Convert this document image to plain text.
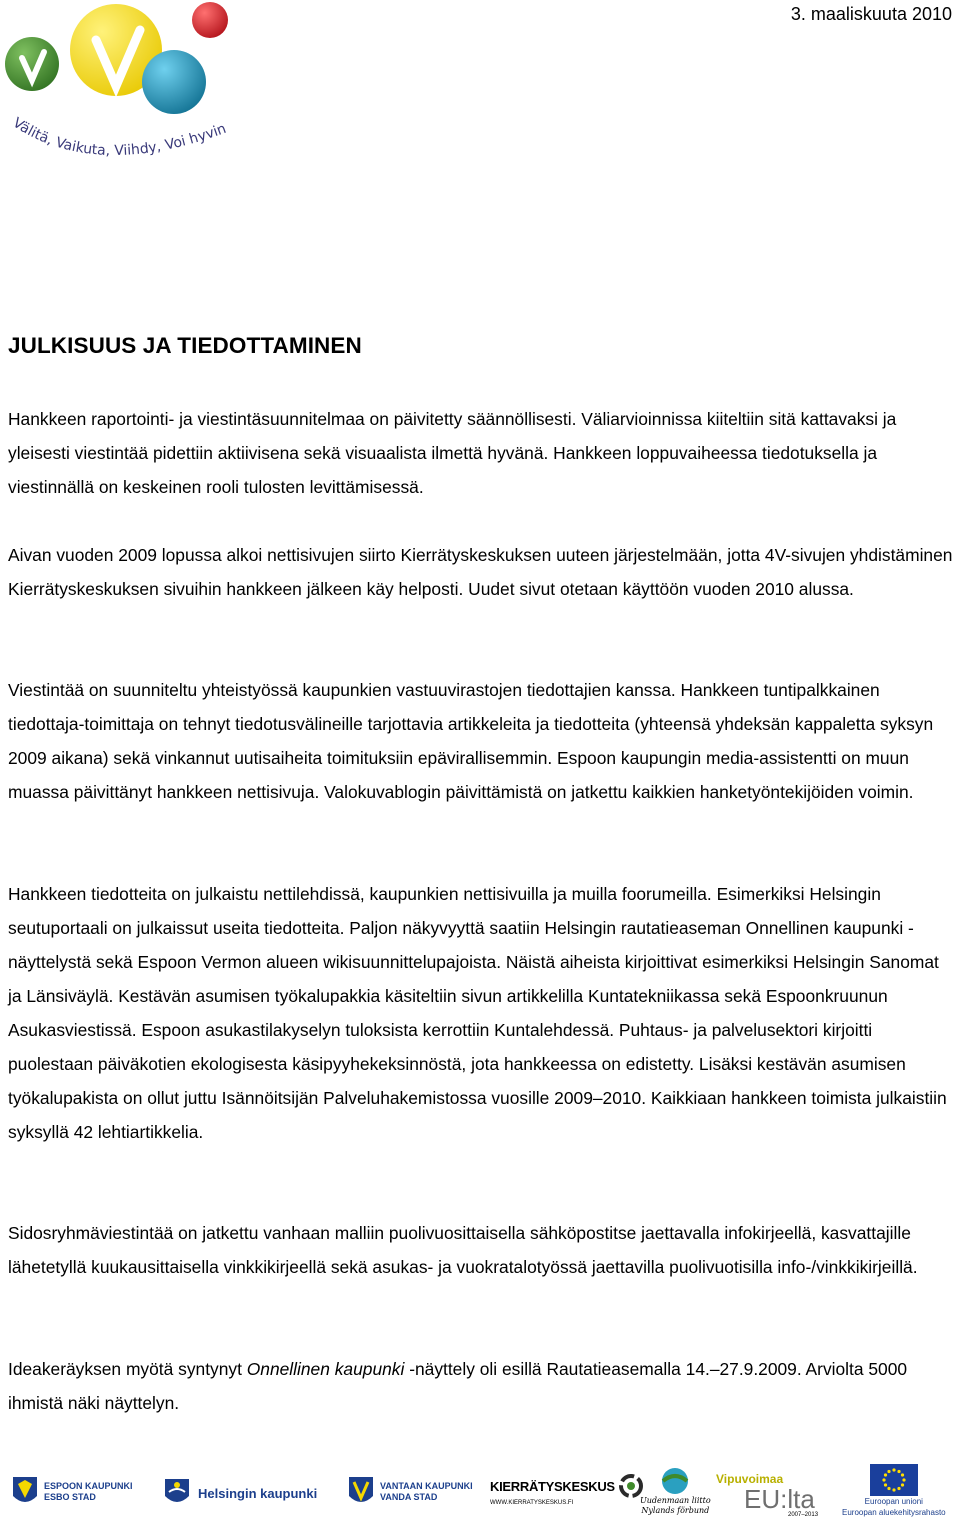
3. maaliskuuta 2010
Välitä, Vaikuta, Viihdy, Voi hyvin
JULKISUUS JA TIEDOTTAMINEN

Hankkeen raportointi- ja viestintäsuunnitelmaa on päivitetty säännöllisesti. Väliarvioinnissa kiiteltiin sitä kattavaksi ja yleisesti viestintää pidettiin aktiivisena sekä visuaalista ilmettä hyvänä. Hankkeen loppuvaiheessa tiedotuksella ja viestinnällä on keskeinen rooli tulosten levittämisessä.

Aivan vuoden 2009 lopussa alkoi nettisivujen siirto Kierrätyskeskuksen uuteen järjestelmään, jotta 4V-sivujen yhdistäminen Kierrätyskeskuksen sivuihin hankkeen jälkeen käy helposti. Uudet sivut otetaan käyttöön vuoden 2010 alussa.

Viestintää on suunniteltu yhteistyössä kaupunkien vastuuvirastojen tiedottajien kanssa. Hankkeen tuntipalkkainen tiedottaja-toimittaja on tehnyt tiedotusvälineille tarjottavia artikkeleita ja tiedotteita (yhteensä yhdeksän kappaletta syksyn 2009 aikana) sekä vinkannut uutisaiheita toimituksiin epävirallisemmin. Espoon kaupungin media-assistentti on muun muassa päivittänyt hankkeen nettisivuja. Valokuvablogin päivittämistä on jatkettu kaikkien hanketyöntekijöiden voimin.

Hankkeen tiedotteita on julkaistu nettilehdissä, kaupunkien nettisivuilla ja muilla foorumeilla. Esimerkiksi Helsingin seutuportaali on julkaissut useita tiedotteita. Paljon näkyvyyttä saatiin Helsingin rautatieaseman Onnellinen kaupunki -näyttelystä sekä Espoon Vermon alueen wikisuunnittelupajoista. Näistä aiheista kirjoittivat esimerkiksi Helsingin Sanomat ja Länsiväylä. Kestävän asumisen työkalupakkia käsiteltiin sivun artikkelilla Kuntatekniikassa sekä Espoonkruunun Asukasviestissä. Espoon asukastilakyselyn tuloksista kerrottiin Kuntalehdessä. Puhtaus- ja palvelusektori kirjoitti puolestaan päiväkotien ekologisesta käsipyyhekeksinnöstä, jota hankkeessa on edistetty. Lisäksi kestävän asumisen työkalupakista on ollut juttu Isännöitsijän Palveluhakemistossa vuosille 2009–2010. Kaikkiaan hankkeen toimista julkaistiin syksyllä 42 lehtiartikkelia.

Sidosryhmäviestintää on jatkettu vanhaan malliin puolivuosittaisella sähköpostitse jaettavalla infokirjeellä, kasvattajille lähetetyllä kuukausittaisella vinkkikirjeellä sekä asukas- ja vuokratalotyössä jaettavilla puolivuotisilla info-/vinkkikirjeillä.

Ideakeräyksen myötä syntynyt Onnellinen kaupunki -näyttely oli esillä Rautatieasemalla 14.–27.9.2009. Arviolta 5000 ihmistä näki näyttelyn.

ESPOON KAUPUNKI
ESBO STAD	Helsingin kaupunki	VANTAAN KAUPUNKI
VANDA STAD
KIERRÄTYSKESKUS
WWW.KIERRATYSKESKUS.FI	Uudenmaan liitto
Nylands förbund
Vipuvoimaa
EU:lta
2007–2013
Euroopan unioni
Euroopan aluekehitysrahasto
